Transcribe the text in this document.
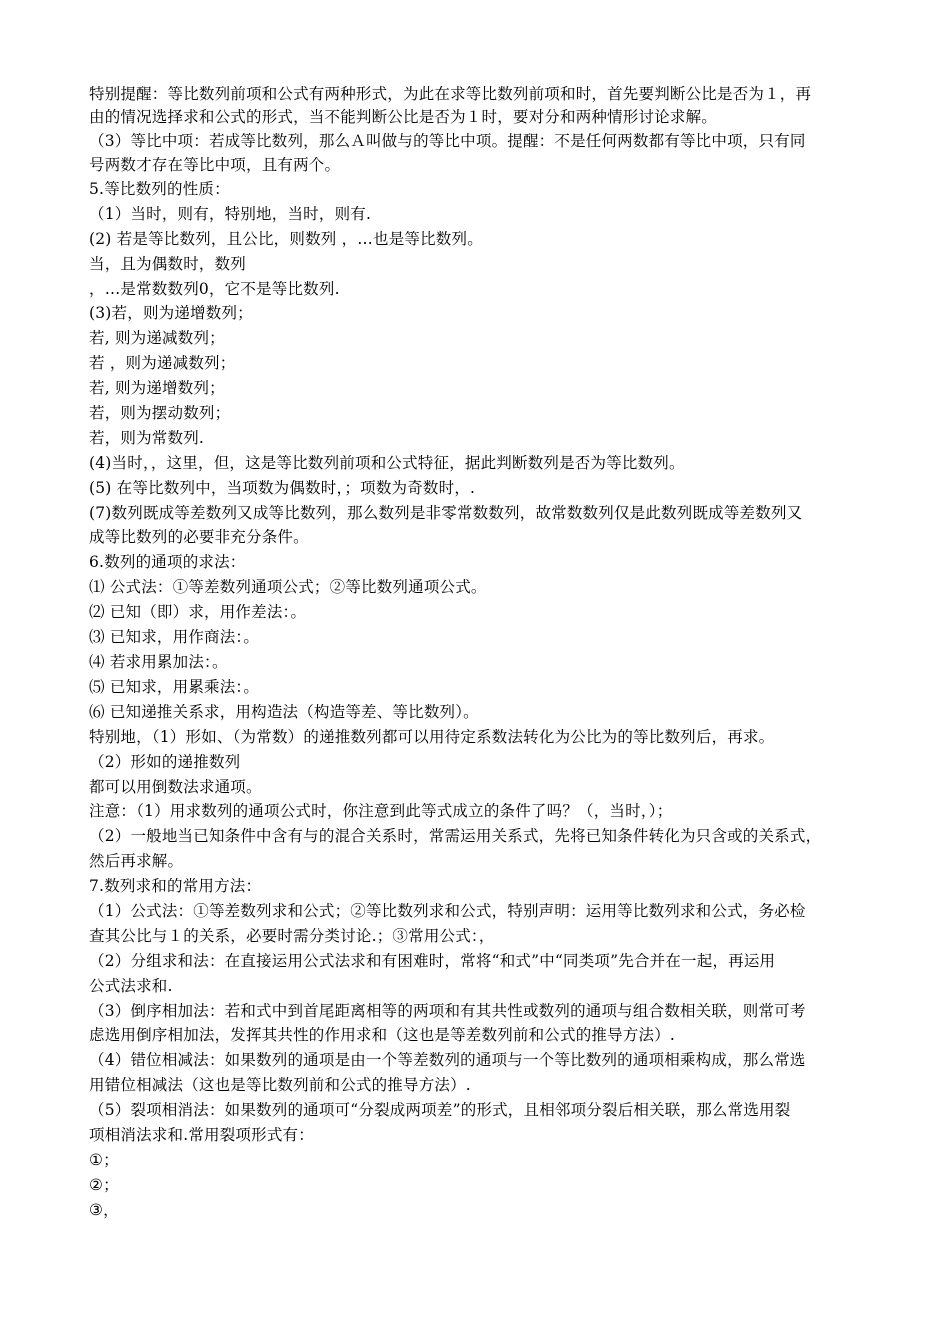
特别提醒：等比数列前项和公式有两种形式，为此在求等比数列前项和时，首先要判断公比是否为１，再
由的情况选择求和公式的形式，当不能判断公比是否为１时，要对分和两种情形讨论求解。
（3）等比中项：若成等比数列，那么Ａ叫做与的等比中项。提醒：不是任何两数都有等比中项，只有同
号两数才存在等比中项，且有两个。
5.等比数列的性质：
（1）当时，则有，特别地，当时，则有.
(2) 若是等比数列，且公比，则数列 ，…也是等比数列。
当，且为偶数时，数列
，…是常数数列0，它不是等比数列.
(3)若，则为递增数列；
若, 则为递减数列；
若 ，则为递减数列；
若, 则为递增数列；
若，则为摆动数列；
若，则为常数列.
(4)当时，，这里，但，这是等比数列前项和公式特征，据此判断数列是否为等比数列。
(5) 在等比数列中，当项数为偶数时，；项数为奇数时，.
(7)数列既成等差数列又成等比数列，那么数列是非零常数数列，故常数数列仅是此数列既成等差数列又
成等比数列的必要非充分条件。
6.数列的通项的求法：
⑴ 公式法：①等差数列通项公式；②等比数列通项公式。
⑵ 已知（即）求，用作差法：。
⑶ 已知求，用作商法：。
⑷ 若求用累加法：。
⑸ 已知求，用累乘法：。
⑹ 已知递推关系求，用构造法（构造等差、等比数列）。
特别地，（1）形如、（为常数）的递推数列都可以用待定系数法转化为公比为的等比数列后，再求。
（2）形如的递推数列
都可以用倒数法求通项。
注意：（1）用求数列的通项公式时，你注意到此等式成立的条件了吗？（，当时，）；
（2）一般地当已知条件中含有与的混合关系时，常需运用关系式，先将已知条件转化为只含或的关系式，
然后再求解。
7.数列求和的常用方法：
（1）公式法：①等差数列求和公式；②等比数列求和公式，特别声明：运用等比数列求和公式，务必检
查其公比与１的关系，必要时需分类讨论.；③常用公式：，
（2）分组求和法：在直接运用公式法求和有困难时，常将“和式”中“同类项”先合并在一起，再运用
公式法求和.
（3）倒序相加法：若和式中到首尾距离相等的两项和有其共性或数列的通项与组合数相关联，则常可考
虑选用倒序相加法，发挥其共性的作用求和（这也是等差数列前和公式的推导方法）.
（4）错位相减法：如果数列的通项是由一个等差数列的通项与一个等比数列的通项相乘构成，那么常选
用错位相减法（这也是等比数列前和公式的推导方法）.
（5）裂项相消法：如果数列的通项可“分裂成两项差”的形式，且相邻项分裂后相关联，那么常选用裂
项相消法求和.常用裂项形式有：
①；
②；
③，
